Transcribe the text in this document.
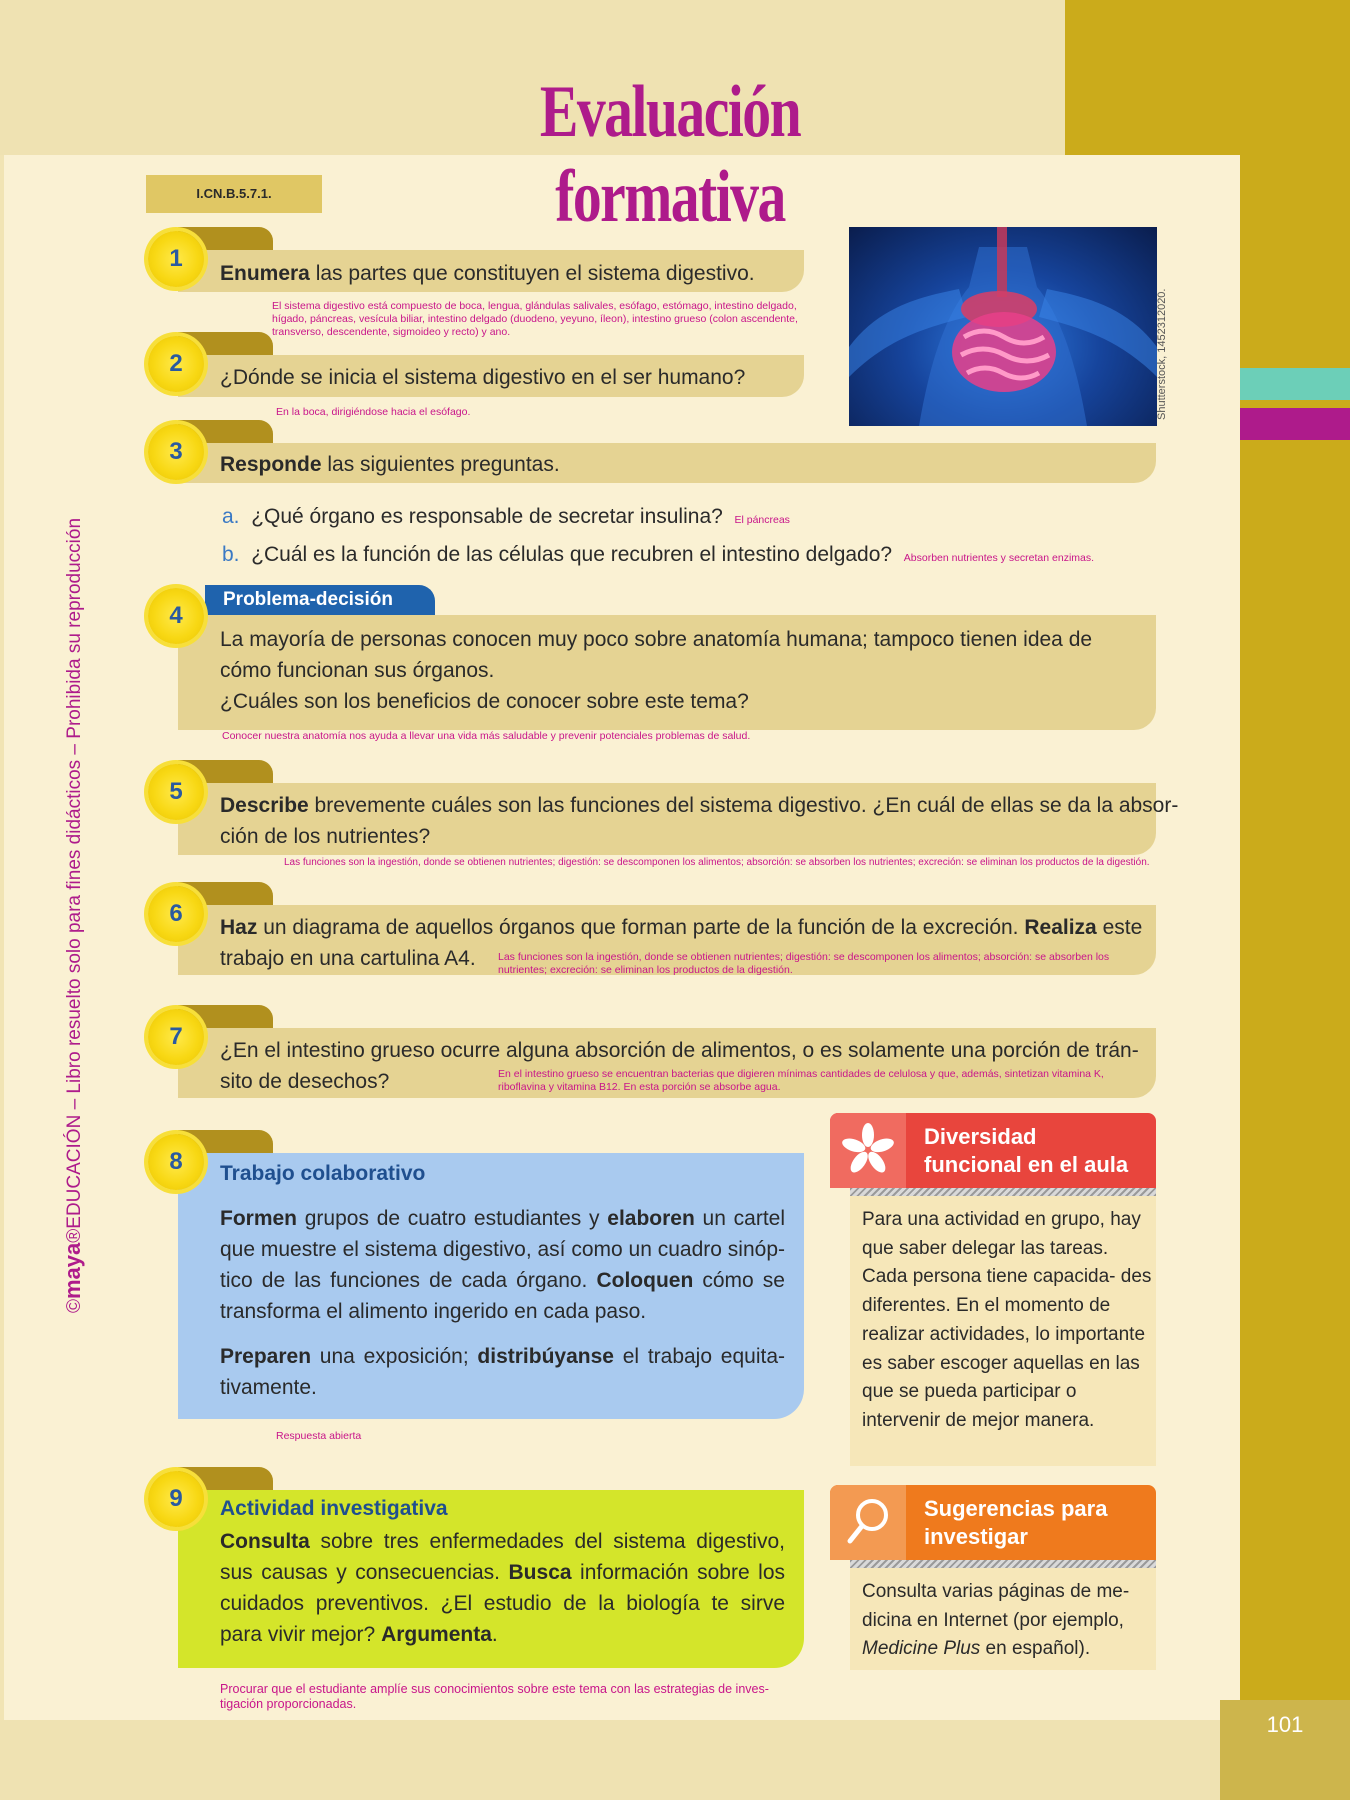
101
Evaluación formativa
I.CN.B.5.7.1.
©maya®EDUCACIÓN – Libro resuelto solo para fines didácticos – Prohibida su reproducción
Shutterstock, 1452312020.
1
Enumera las partes que constituyen el sistema digestivo.
El sistema digestivo está compuesto de boca, lengua, glándulas salivales, esófago, estómago, intestino delgado, hígado, páncreas, vesícula biliar, intestino delgado (duodeno, yeyuno, íleon), intestino grueso (colon ascendente, transverso, descendente, sigmoideo y recto) y ano.
2
¿Dónde se inicia el sistema digestivo en el ser humano?
En la boca, dirigiéndose hacia el esófago.
3	Responde las siguientes preguntas.
a. ¿Qué órgano es responsable de secretar insulina? El páncreas
b. ¿Cuál es la función de las células que recubren el intestino delgado? Absorben nutrientes y secretan enzimas.
Problema-decisión
4
La mayoría de personas conocen muy poco sobre anatomía humana; tampoco tienen idea de
cómo funcionan sus órganos.
¿Cuáles son los beneficios de conocer sobre este tema?
Conocer nuestra anatomía nos ayuda a llevar una vida más saludable y prevenir potenciales problemas de salud.
5
Describe brevemente cuáles son las funciones del sistema digestivo. ¿En cuál de ellas se da la absor-
ción de los nutrientes?
Las funciones son la ingestión, donde se obtienen nutrientes; digestión: se descomponen los alimentos; absorción: se absorben los nutrientes; excreción: se eliminan los productos de la digestión.
6
Haz un diagrama de aquellos órganos que forman parte de la función de la excreción. Realiza este
trabajo en una cartulina A4.	Las funciones son la ingestión, donde se obtienen nutrientes; digestión: se descomponen los alimentos; absorción: se absorben los nutrientes; excreción: se eliminan los productos de la digestión.
7
¿En el intestino grueso ocurre alguna absorción de alimentos, o es solamente una porción de trán-
sito de desechos?	En el intestino grueso se encuentran bacterias que digieren mínimas cantidades de celulosa y que, además, sintetizan vitamina K, riboflavina y vitamina B12. En esta porción se absorbe agua.
8	Trabajo colaborativo
Formen grupos de cuatro estudiantes y elaboren un cartel que muestre el sistema digestivo, así como un cuadro sinóp- tico de las funciones de cada órgano. Coloquen cómo se transforma el alimento ingerido en cada paso.
Preparen una exposición; distribúyanse el trabajo equita- tivamente.
Respuesta abierta
9	Actividad investigativa
Consulta sobre tres enfermedades del sistema digestivo, sus causas y consecuencias. Busca información sobre los cuidados preventivos. ¿El estudio de la biología te sirve para vivir mejor? Argumenta.
Procurar que el estudiante amplíe sus conocimientos sobre este tema con las estrategias de inves- tigación proporcionadas.
Diversidad
funcional en el aula
Para una actividad en grupo, hay que saber delegar las tareas. Cada persona tiene capacida- des diferentes. En el momento de realizar actividades, lo importante es saber escoger aquellas en las que se pueda participar o intervenir de mejor manera.
Sugerencias para
investigar
Consulta varias páginas de me- dicina en Internet (por ejemplo, Medicine Plus en español).
